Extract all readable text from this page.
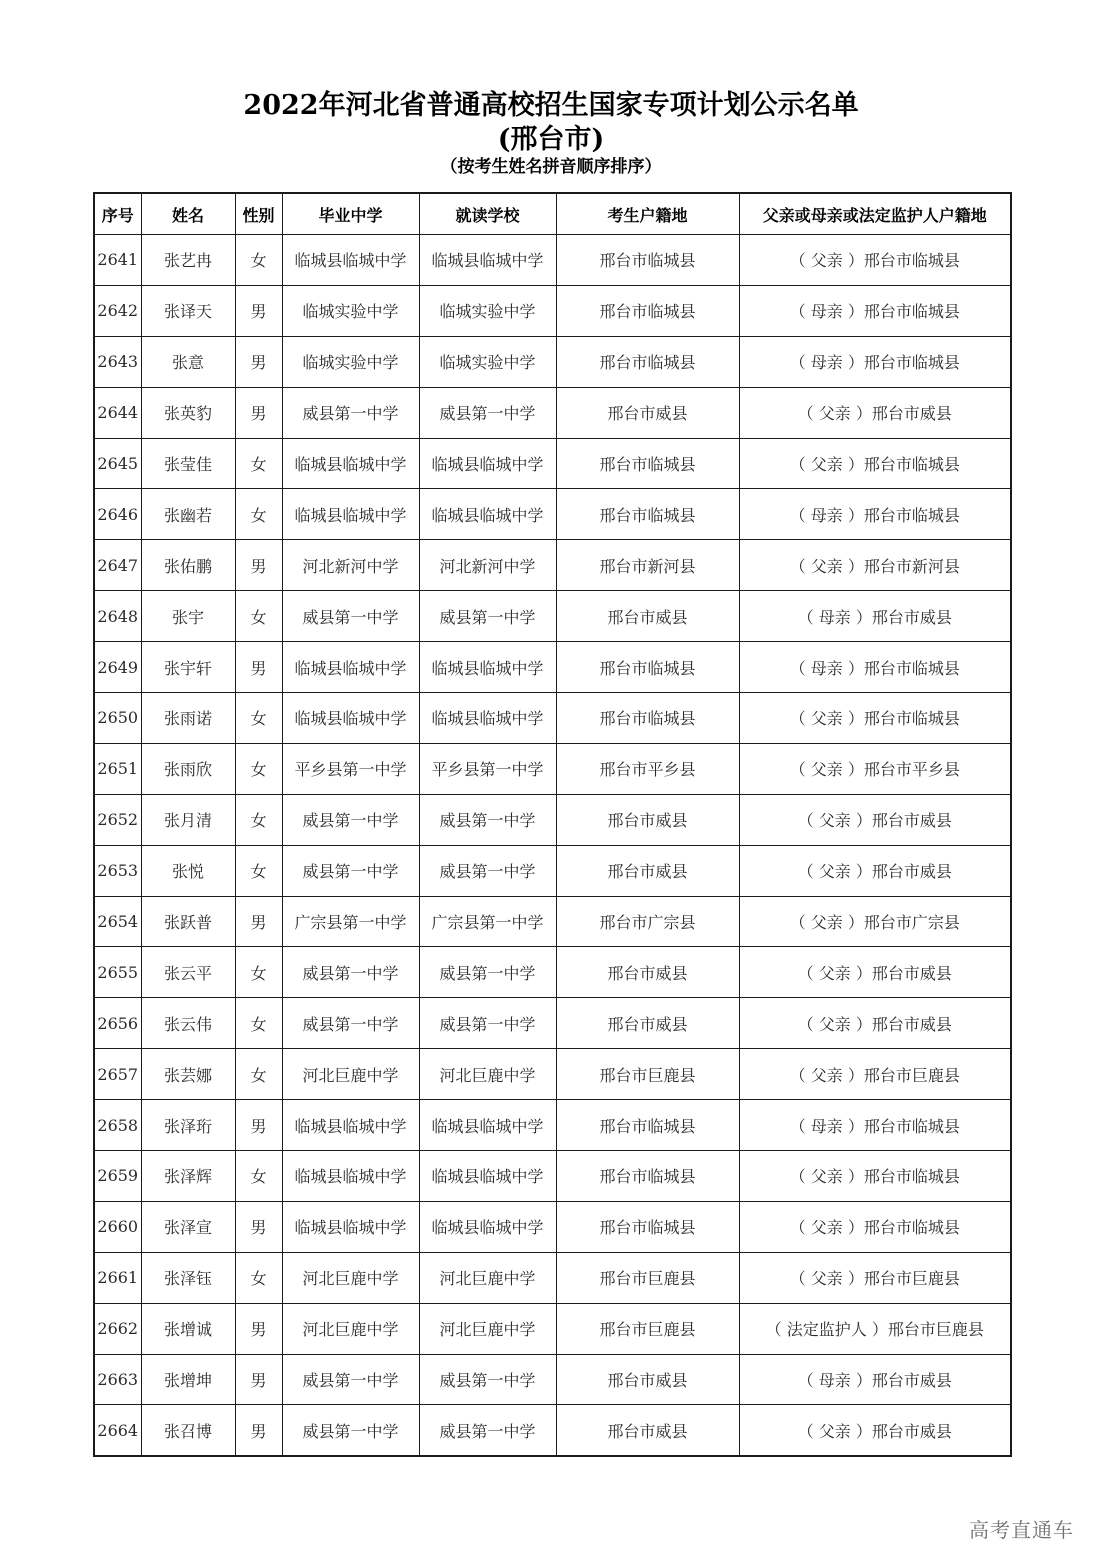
2022年河北省普通高校招生国家专项计划公示名单
(邢台市)
（按考生姓名拼音顺序排序）
序号	姓名	性别	毕业中学	就读学校	考生户籍地	父亲或母亲或法定监护人户籍地
2641	张艺冉	女	临城县临城中学	临城县临城中学	邢台市临城县	（ 父亲 ）邢台市临城县
2642	张译天	男	临城实验中学	临城实验中学	邢台市临城县	（ 母亲 ）邢台市临城县
2643	张意	男	临城实验中学	临城实验中学	邢台市临城县	（ 母亲 ）邢台市临城县
2644	张英豹	男	威县第一中学	威县第一中学	邢台市威县	（ 父亲 ）邢台市威县
2645	张莹佳	女	临城县临城中学	临城县临城中学	邢台市临城县	（ 父亲 ）邢台市临城县
2646	张幽若	女	临城县临城中学	临城县临城中学	邢台市临城县	（ 母亲 ）邢台市临城县
2647	张佑鹏	男	河北新河中学	河北新河中学	邢台市新河县	（ 父亲 ）邢台市新河县
2648	张宇	女	威县第一中学	威县第一中学	邢台市威县	（ 母亲 ）邢台市威县
2649	张宇轩	男	临城县临城中学	临城县临城中学	邢台市临城县	（ 母亲 ）邢台市临城县
2650	张雨诺	女	临城县临城中学	临城县临城中学	邢台市临城县	（ 父亲 ）邢台市临城县
2651	张雨欣	女	平乡县第一中学	平乡县第一中学	邢台市平乡县	（ 父亲 ）邢台市平乡县
2652	张月清	女	威县第一中学	威县第一中学	邢台市威县	（ 父亲 ）邢台市威县
2653	张悦	女	威县第一中学	威县第一中学	邢台市威县	（ 父亲 ）邢台市威县
2654	张跃普	男	广宗县第一中学	广宗县第一中学	邢台市广宗县	（ 父亲 ）邢台市广宗县
2655	张云平	女	威县第一中学	威县第一中学	邢台市威县	（ 父亲 ）邢台市威县
2656	张云伟	女	威县第一中学	威县第一中学	邢台市威县	（ 父亲 ）邢台市威县
2657	张芸娜	女	河北巨鹿中学	河北巨鹿中学	邢台市巨鹿县	（ 父亲 ）邢台市巨鹿县
2658	张泽珩	男	临城县临城中学	临城县临城中学	邢台市临城县	（ 母亲 ）邢台市临城县
2659	张泽辉	女	临城县临城中学	临城县临城中学	邢台市临城县	（ 父亲 ）邢台市临城县
2660	张泽宣	男	临城县临城中学	临城县临城中学	邢台市临城县	（ 父亲 ）邢台市临城县
2661	张泽钰	女	河北巨鹿中学	河北巨鹿中学	邢台市巨鹿县	（ 父亲 ）邢台市巨鹿县
2662	张增诚	男	河北巨鹿中学	河北巨鹿中学	邢台市巨鹿县	（ 法定监护人 ）邢台市巨鹿县
2663	张增坤	男	威县第一中学	威县第一中学	邢台市威县	（ 母亲 ）邢台市威县
2664	张召博	男	威县第一中学	威县第一中学	邢台市威县	（ 父亲 ）邢台市威县
高考直通车
